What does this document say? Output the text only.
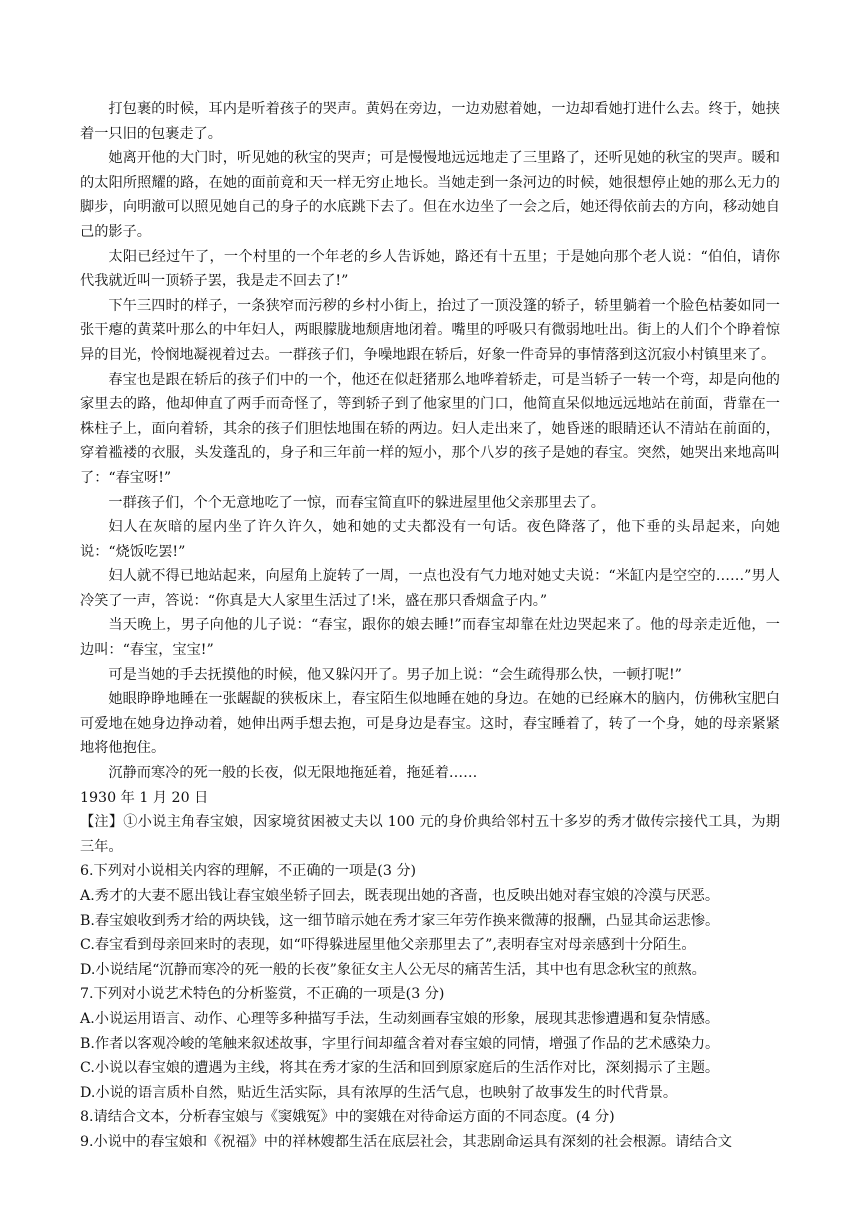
打包裹的时候，耳内是听着孩子的哭声。黄妈在旁边，一边劝慰着她，一边却看她打进什么去。终于，她挟着一只旧的包裹走了。

她离开他的大门时，听见她的秋宝的哭声；可是慢慢地远远地走了三里路了，还听见她的秋宝的哭声。暖和的太阳所照耀的路，在她的面前竟和天一样无穷止地长。当她走到一条河边的时候，她很想停止她的那么无力的脚步，向明澈可以照见她自己的身子的水底跳下去了。但在水边坐了一会之后，她还得依前去的方向，移动她自己的影子。

太阳已经过午了，一个村里的一个年老的乡人告诉她，路还有十五里；于是她向那个老人说：“伯伯，请你代我就近叫一顶轿子罢，我是走不回去了!”

下午三四时的样子，一条狭窄而污秽的乡村小街上，抬过了一顶没篷的轿子，轿里躺着一个脸色枯萎如同一张干瘪的黄菜叶那么的中年妇人，两眼朦胧地颓唐地闭着。嘴里的呼吸只有微弱地吐出。街上的人们个个睁着惊异的目光，怜悯地凝视着过去。一群孩子们，争噪地跟在轿后，好象一件奇异的事情落到这沉寂小村镇里来了。

春宝也是跟在轿后的孩子们中的一个，他还在似赶猪那么地哗着轿走，可是当轿子一转一个弯，却是向他的家里去的路，他却伸直了两手而奇怪了，等到轿子到了他家里的门口，他简直呆似地远远地站在前面，背靠在一株柱子上，面向着轿，其余的孩子们胆怯地围在轿的两边。妇人走出来了，她昏迷的眼睛还认不清站在前面的，穿着褴褛的衣服，头发蓬乱的，身子和三年前一样的短小，那个八岁的孩子是她的春宝。突然，她哭出来地高叫了：“春宝呀!”

一群孩子们，个个无意地吃了一惊，而春宝简直吓的躲进屋里他父亲那里去了。

妇人在灰暗的屋内坐了许久许久，她和她的丈夫都没有一句话。夜色降落了，他下垂的头昂起来，向她说：“烧饭吃罢!”

妇人就不得已地站起来，向屋角上旋转了一周，一点也没有气力地对她丈夫说：“米缸内是空空的……”男人冷笑了一声，答说：“你真是大人家里生活过了!米，盛在那只香烟盒子内。”

当天晚上，男子向他的儿子说：“春宝，跟你的娘去睡!”而春宝却靠在灶边哭起来了。他的母亲走近他，一边叫：“春宝，宝宝!”

可是当她的手去抚摸他的时候，他又躲闪开了。男子加上说：“会生疏得那么快，一顿打呢!”

她眼睁睁地睡在一张龌龊的狭板床上，春宝陌生似地睡在她的身边。在她的已经麻木的脑内，仿佛秋宝肥白可爱地在她身边挣动着，她伸出两手想去抱，可是身边是春宝。这时，春宝睡着了，转了一个身，她的母亲紧紧地将他抱住。

沉静而寒冷的死一般的长夜，似无限地拖延着，拖延着……

1930 年 1 月 20 日

【注】①小说主角春宝娘，因家境贫困被丈夫以 100 元的身价典给邻村五十多岁的秀才做传宗接代工具，为期三年。

6.下列对小说相关内容的理解，不正确的一项是(3 分)

A.秀才的大妻不愿出钱让春宝娘坐轿子回去，既表现出她的吝啬，也反映出她对春宝娘的冷漠与厌恶。

B.春宝娘收到秀才给的两块钱，这一细节暗示她在秀才家三年劳作换来微薄的报酬，凸显其命运悲惨。

C.春宝看到母亲回来时的表现，如“吓得躲进屋里他父亲那里去了”,表明春宝对母亲感到十分陌生。

D.小说结尾“沉静而寒冷的死一般的长夜”象征女主人公无尽的痛苦生活，其中也有思念秋宝的煎熬。

7.下列对小说艺术特色的分析鉴赏，不正确的一项是(3 分)

A.小说运用语言、动作、心理等多种描写手法，生动刻画春宝娘的形象，展现其悲惨遭遇和复杂情感。

B.作者以客观冷峻的笔触来叙述故事，字里行间却蕴含着对春宝娘的同情，增强了作品的艺术感染力。

C.小说以春宝娘的遭遇为主线，将其在秀才家的生活和回到原家庭后的生活作对比，深刻揭示了主题。

D.小说的语言质朴自然，贴近生活实际，具有浓厚的生活气息，也映射了故事发生的时代背景。

8.请结合文本，分析春宝娘与《窦娥冤》中的窦娥在对待命运方面的不同态度。(4 分)

9.小说中的春宝娘和《祝福》中的祥林嫂都生活在底层社会，其悲剧命运具有深刻的社会根源。请结合文
